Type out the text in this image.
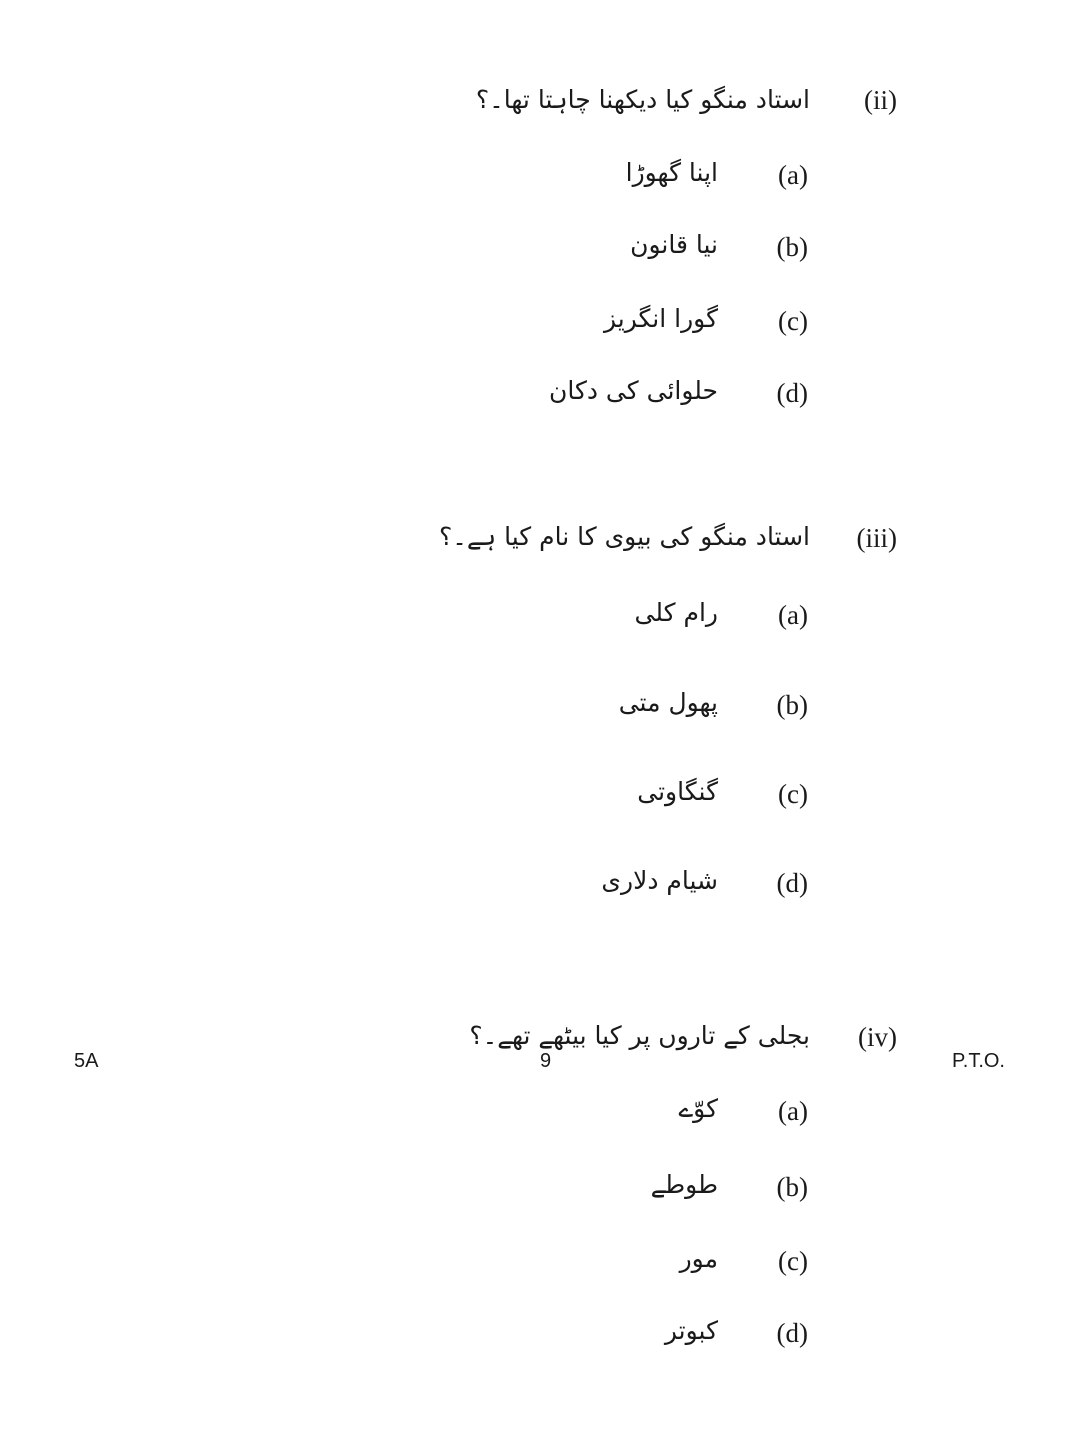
(ii)
استاد منگو کیا دیکھنا چاہتا تھا۔؟
(a)
اپنا گھوڑا
(b)
نیا قانون
(c)
گورا انگریز
(d)
حلوائی کی دکان
(iii)
استاد منگو کی بیوی کا نام کیا ہے۔؟
(a)
رام کلی
(b)
پھول متی
(c)
گنگاوتی
(d)
شیام دلاری
(iv)
بجلی کے تاروں پر کیا بیٹھے تھے۔؟
(a)
کوّے
(b)
طوطے
(c)
مور
(d)
کبوتر
5A	9	P.T.O.
